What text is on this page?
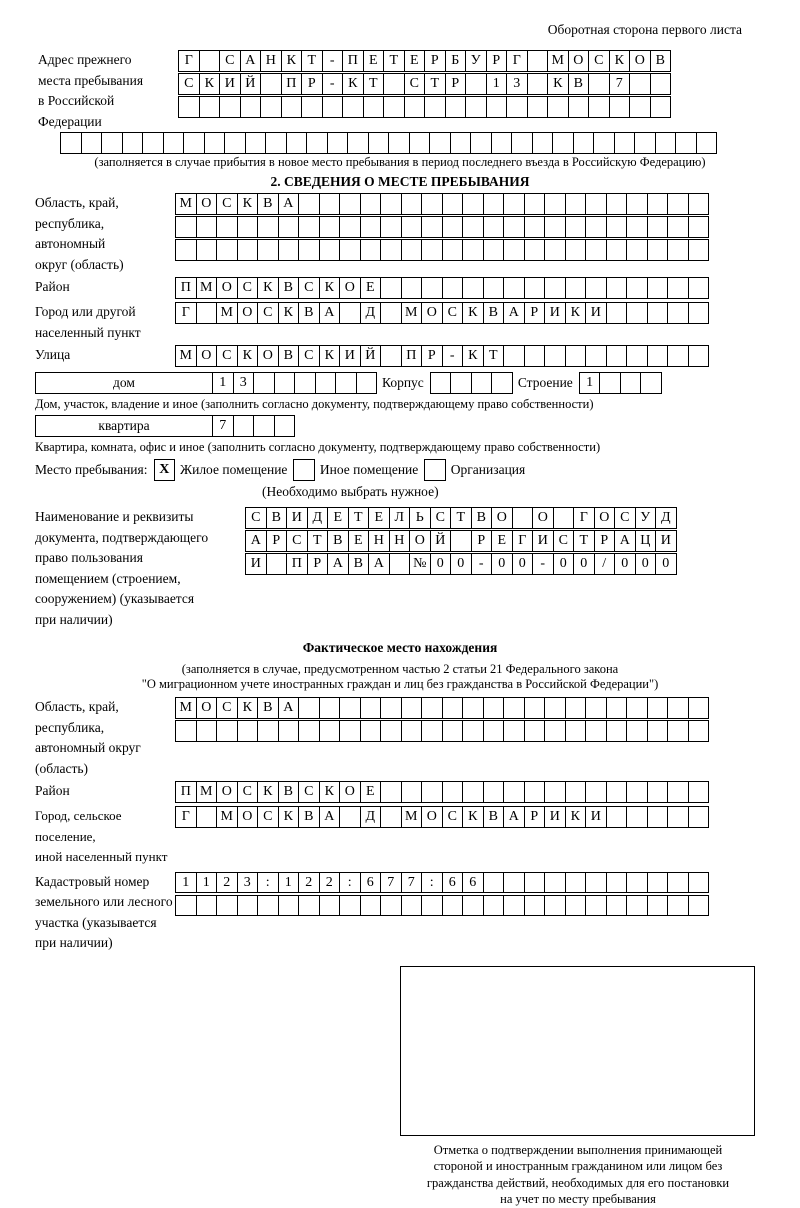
Оборотная сторона первого листа
Адрес прежнего
места пребывания
в Российской
Федерации
Г	С А Н К Т - П Е Т Е Р Б У Р Г	М О С К О В
С К И Й	П Р	- К Т	С Т Р	1 3	К В	7
(заполняется в случае прибытия в новое место пребывания в период последнего въезда в Российскую Федерацию)
2. СВЕДЕНИЯ О МЕСТЕ ПРЕБЫВАНИЯ
Область, край,
республика,
автономный
округ (область)
М О С К В А
Район	П М О С К В С К О Е
Город или другой
населенный пункт
Г	М О С К В А	Д	М О С К В А Р И К И
Улица	М О С К О В С К И Й	П Р	- К Т
дом	1 3	Корпус	Строение 1
Дом, участок, владение и иное (заполнить согласно документу, подтверждающему право собственности)
квартира	7
Квартира, комната, офис и иное (заполнить согласно документу, подтверждающему право собственности)
Место пребывания: X Жилое помещение	Иное помещение	Организация
(Необходимо выбрать нужное)
Наименование и реквизиты
документа, подтверждающего
право пользования
помещением (строением,
сооружением) (указывается
при наличии)
С В И Д Е Т Е Л Ь С Т В О	О	Г О С У Д
А Р С Т В Е Н Н О Й	Р Е Г И С Т Р А Ц И
И	П Р А В А	№ 0 0	-	0 0	-	0 0	/	0 0 0
Фактическое место нахождения
(заполняется в случае, предусмотренном частью 2 статьи 21 Федерального закона
"О миграционном учете иностранных граждан и лиц без гражданства в Российской Федерации")
Область, край,
республика,
автономный округ
(область)
М О С К В А
Район	П М О С К В С К О Е
Город, сельское поселение,
иной населенный пункт
Г	М О С К В А	Д	М О С К В А Р И К И
Кадастровый номер
земельного или лесного
участка (указывается
при наличии)
1 1 2 3	:	1 2 2	:	6 7 7	:	6 6
Отметка о подтверждении выполнения принимающей
стороной и иностранным гражданином или лицом без
гражданства действий, необходимых для его постановки
на учет по месту пребывания
